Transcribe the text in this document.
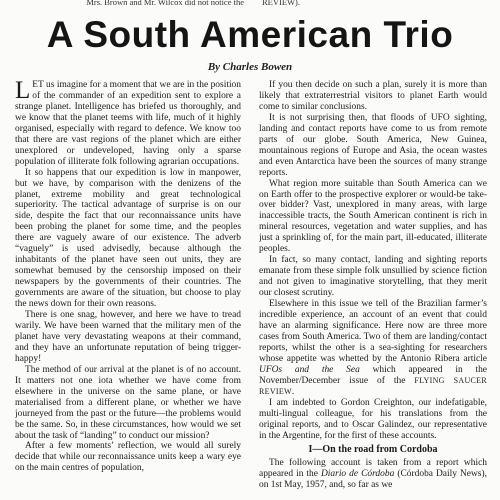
Mrs. Brown and Mr. Wilcox did not notice the REVIEW).
A South American Trio
By Charles Bowen

LET us imagine for a moment that we are in the position of the commander of an expedition sent to explore a strange planet. Intelligence has briefed us thoroughly, and we know that the planet teems with life, much of it highly organised, especially with regard to defence. We know too that there are vast regions of the planet which are either unexplored or undeveloped, having only a sparse population of illiterate folk following agrarian occupations.

It so happens that our expedition is low in manpower, but we have, by comparison with the denizens of the planet, extreme mobility and great technological superiority. The tactical advantage of surprise is on our side, despite the fact that our reconnaissance units have been probing the planet for some time, and the peoples there are vaguely aware of our existence. The adverb “vaguely” is used advisedly, because although the inhabitants of the planet have seen out units, they are somewhat bemused by the censorship imposed on their newspapers by the governments of their countries. The governments are aware of the situation, but choose to play the news down for their own reasons.

There is one snag, however, and here we have to tread warily. We have been warned that the military men of the planet have very devastating weapons at their command, and they have an unfortunate reputation of being trigger-happy!

The method of our arrival at the planet is of no account. It matters not one iota whether we have come from elsewhere in the universe on the same plane, or have materialised from a different plane, or whether we have journeyed from the past or the future—the problems would be the same. So, in these circumstances, how would we set about the task of “landing” to conduct our mission?

After a few moments’ reflection, we would all surely decide that while our reconnaissance units keep a wary eye on the main centres of population,

If you then decide on such a plan, surely it is more than likely that extraterrestrial visitors to planet Earth would come to similar conclusions.

It is not surprising then, that floods of UFO sighting, landing and contact reports have come to us from remote parts of our globe. South America, New Guinea, mountainous regions of Europe and Asia, the ocean wastes and even Antarctica have been the sources of many strange reports.

What region more suitable than South America can we on Earth offer to the prospective explorer or would-be take-over bidder? Vast, unexplored in many areas, with large inaccessible tracts, the South American continent is rich in mineral resources, vegetation and water supplies, and has just a sprinkling of, for the main part, ill-educated, illiterate peoples.

In fact, so many contact, landing and sighting reports emanate from these simple folk unsullied by science fiction and not given to imaginative storytelling, that they merit our closest scrutiny.

Elsewhere in this issue we tell of the Brazilian farmer’s incredible experience, an account of an event that could have an alarming significance. Here now are three more cases from South America. Two of them are landing/contact reports, whilst the other is a sea-sighting for researchers whose appetite was whetted by the Antonio Ribera article UFOs and the Sea which appeared in the November/December issue of the FLYING SAUCER REVIEW.

I am indebted to Gordon Creighton, our indefatigable, multi-lingual colleague, for his translations from the original reports, and to Oscar Galindez, our representative in the Argentine, for the first of these accounts.

I—On the road from Cordoba

The following account is taken from a report which appeared in the Diario de Córdoba (Córdoba Daily News), on 1st May, 1957, and, so far as we
